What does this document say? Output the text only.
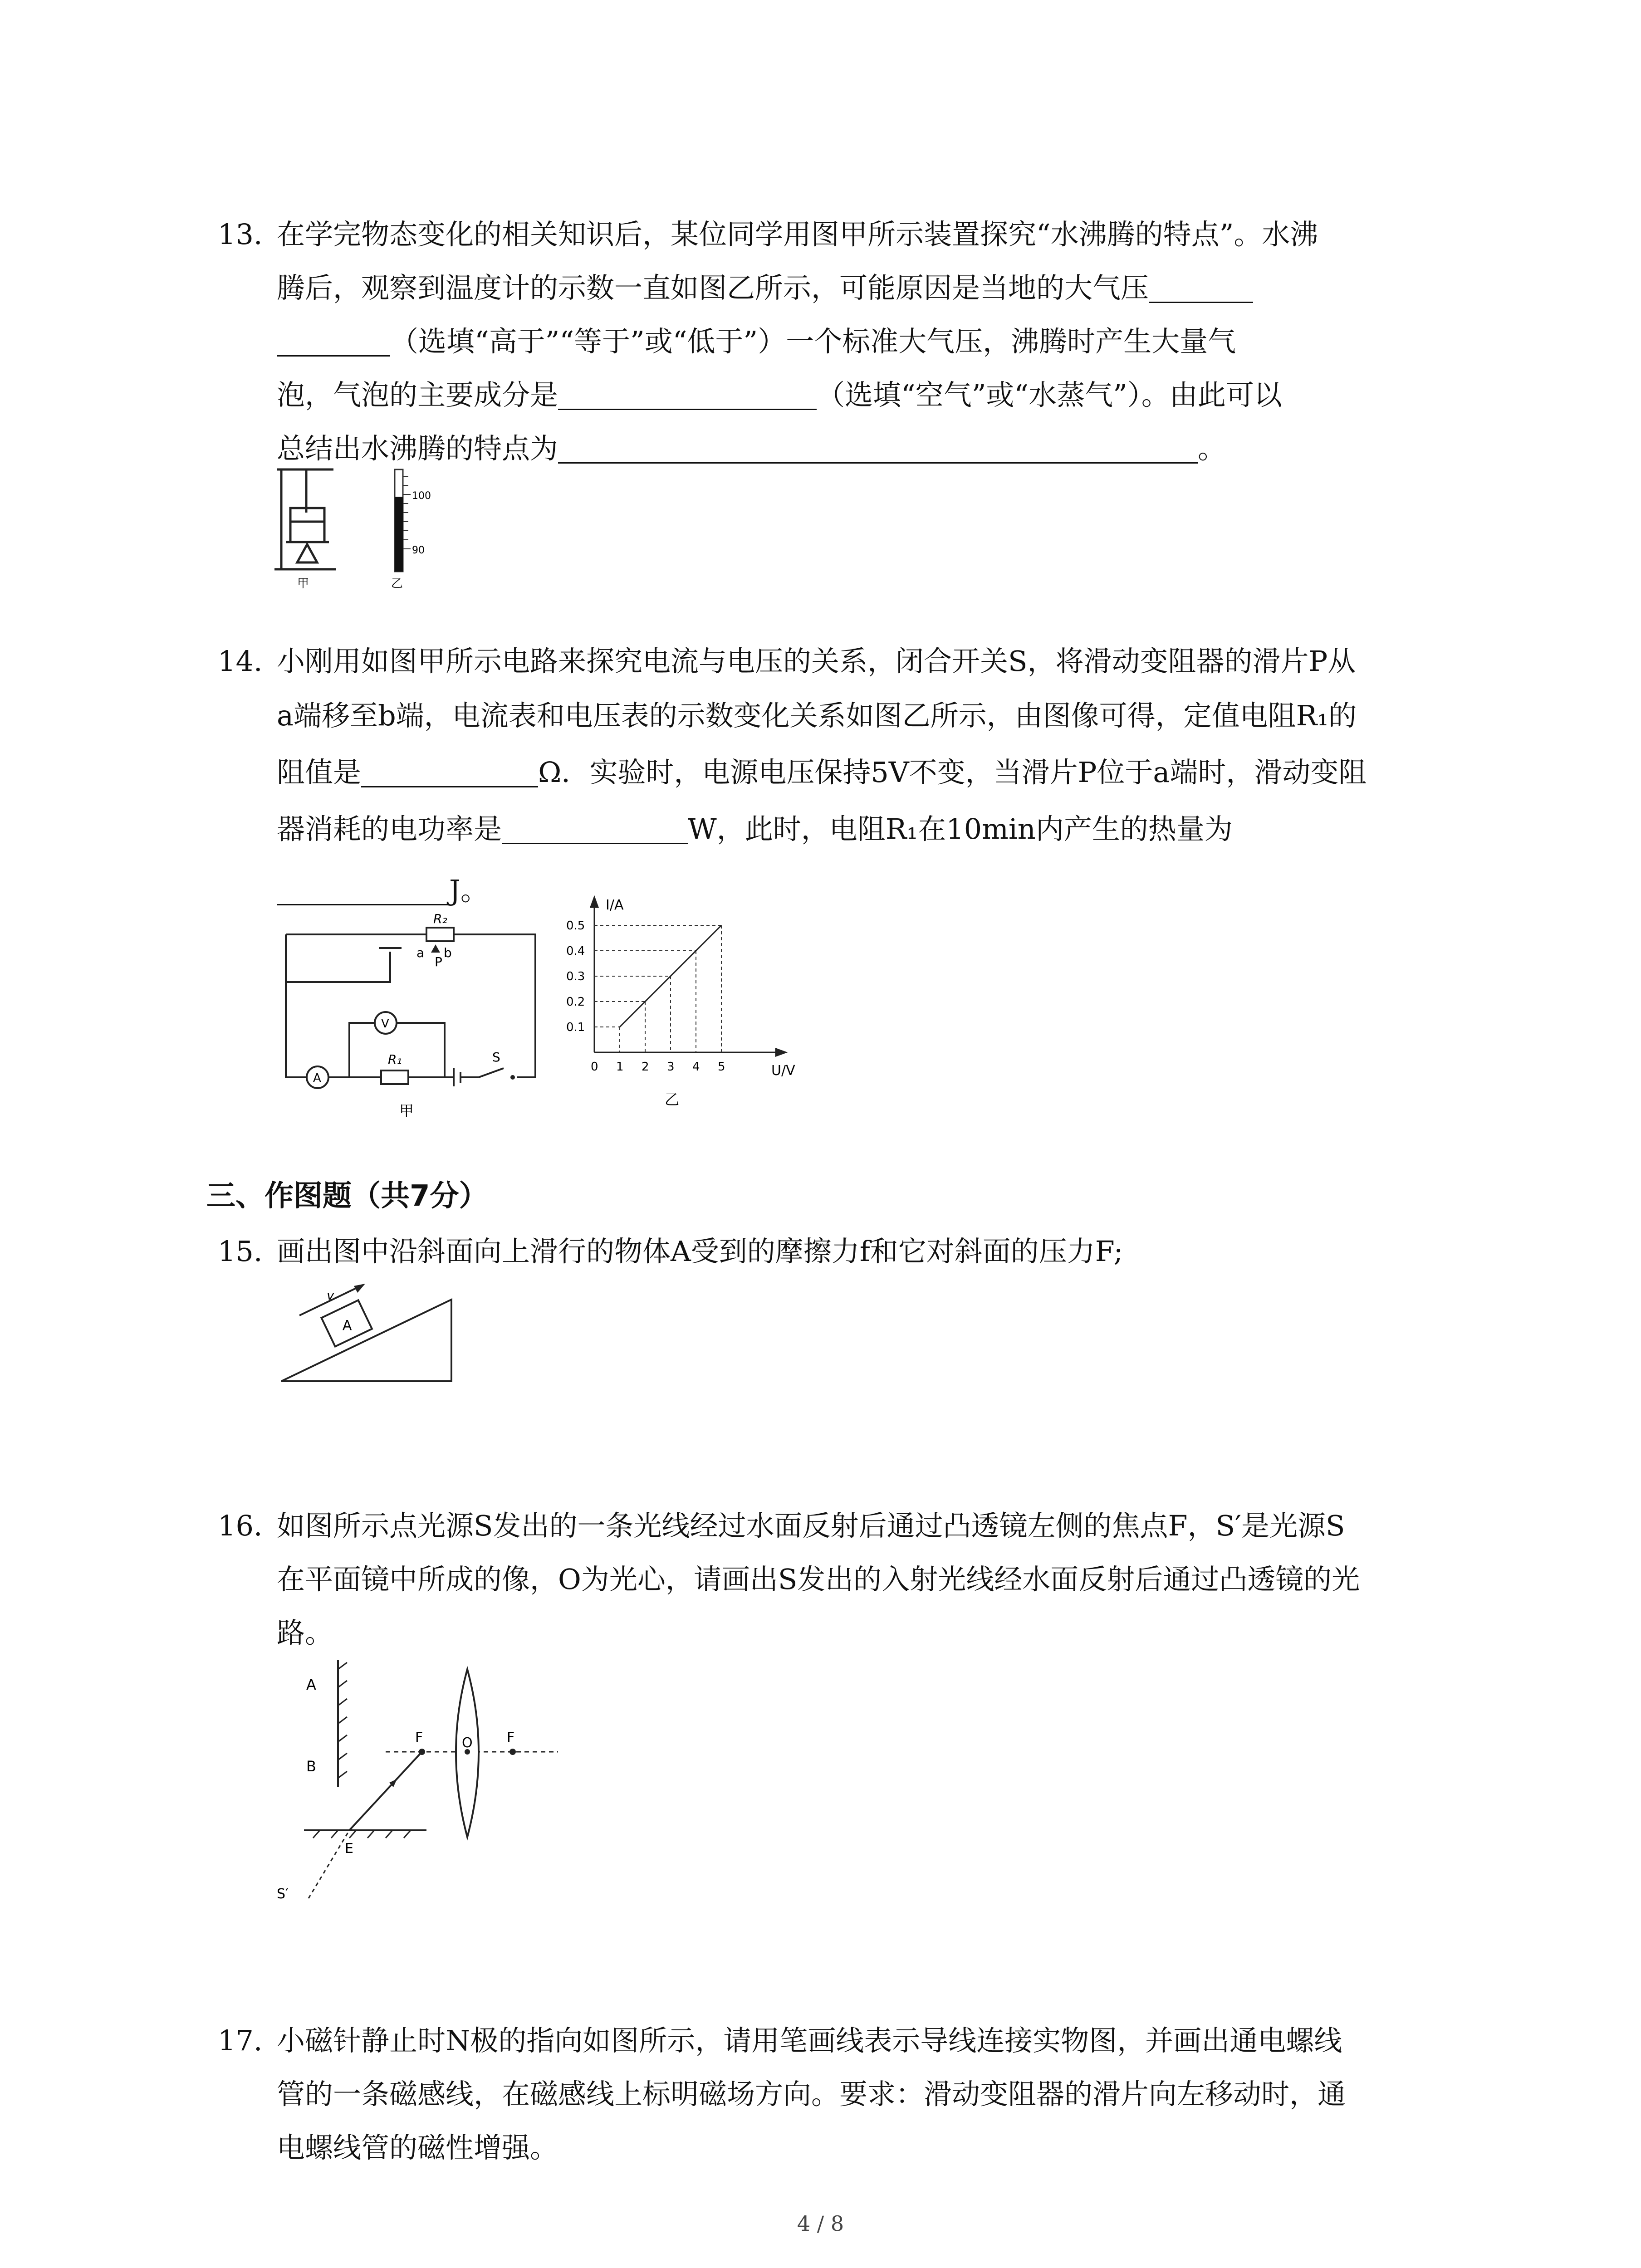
13. 在学完物态变化的相关知识后，某位同学用图甲所示装置探究“水沸腾的特点”。水沸

腾后，观察到温度计的示数一直如图乙所示，可能原因是当地的大气压

（选填“高于”“等于”或“低于”）一个标准大气压，沸腾时产生大量气

泡，气泡的主要成分是	（选填“空气”或“水蒸气”）。由此可以

总结出水沸腾的特点为	。

甲
100
90
乙

14. 小刚用如图甲所示电路来探究电流与电压的关系，闭合开关S，将滑动变阻器的滑片P从

a端移至b端，电流表和电压表的示数变化关系如图乙所示，由图像可得，定值电阻R₁的

阻值是	Ω．实验时，电源电压保持5V不变，当滑片P位于a端时，滑动变阻

器消耗的电功率是	W，此时，电阻R₁在10min内产生的热量为

J。

R₂
a b
P
V
A
R₁	S
甲
I/A
U/V
0 1 2 3 4 5
0.1
0.2
0.3
0.4
0.5
乙
三、作图题（共7分）

15. 画出图中沿斜面向上滑行的物体A受到的摩擦力f和它对斜面的压力F;

A
v

16. 如图所示点光源S发出的一条光线经过水面反射后通过凸透镜左侧的焦点F，S′是光源S

在平面镜中所成的像，O为光心，请画出S发出的入射光线经水面反射后通过凸透镜的光

路。

A
B
F	O	F
E
S′

17. 小磁针静止时N极的指向如图所示，请用笔画线表示导线连接实物图，并画出通电螺线

管的一条磁感线，在磁感线上标明磁场方向。要求：滑动变阻器的滑片向左移动时，通

电螺线管的磁性增强。

4 / 8
